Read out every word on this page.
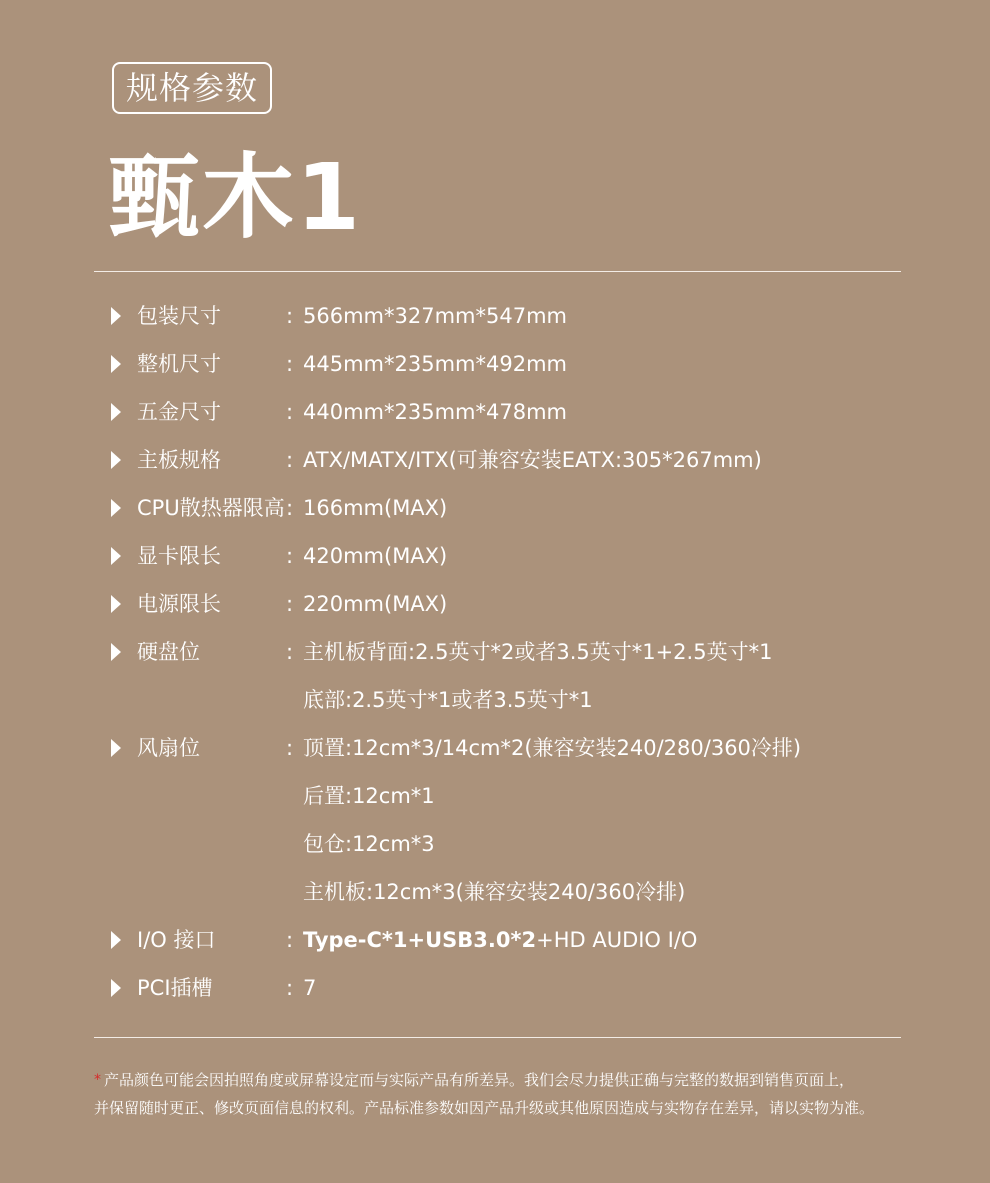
规格参数
甄木1
包装尺寸	: 566mm*327mm*547mm
整机尺寸	: 445mm*235mm*492mm
五金尺寸	: 440mm*235mm*478mm
主板规格	: ATX/MATX/ITX(可兼容安装EATX:305*267mm)
CPU散热器限高 : 166mm(MAX)
显卡限长	: 420mm(MAX)
电源限长	: 220mm(MAX)
硬盘位	: 主机板背面:2.5英寸*2或者3.5英寸*1+2.5英寸*1
底部:2.5英寸*1或者3.5英寸*1
风扇位	: 顶置:12cm*3/14cm*2(兼容安装240/280/360冷排)
后置:12cm*1
包仓:12cm*3
主机板:12cm*3(兼容安装240/360冷排)
I/O 接口	: Type-C*1+USB3.0*2+HD AUDIO I/O
PCI插槽	: 7
* 产品颜色可能会因拍照角度或屏幕设定而与实际产品有所差异。我们会尽力提供正确与完整的数据到销售页面上，
并保留随时更正、修改页面信息的权利。产品标准参数如因产品升级或其他原因造成与实物存在差异，请以实物为准。
